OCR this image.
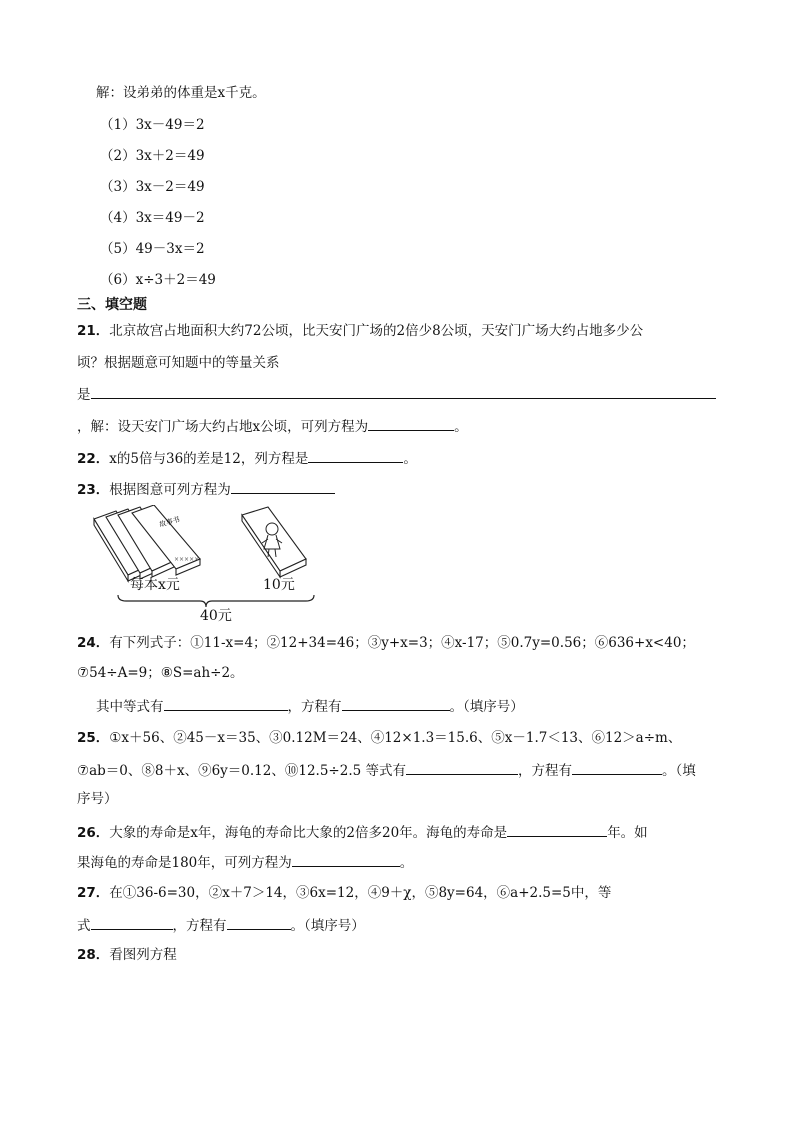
解：设弟弟的体重是x千克。
（1）3x－49＝2
（2）3x＋2＝49
（3）3x－2＝49
（4）3x＝49－2
（5）49－3x＝2
（6）x÷3＋2＝49
三、填空题
21．北京故宫占地面积大约72公顷，比天安门广场的2倍少8公顷，天安门广场大约占地多少公
顷？根据题意可知题中的等量关系
是
，解：设天安门广场大约占地x公顷，可列方程为	。
22．x的5倍与36的差是12，列方程是	。
23．根据图意可列方程为
故事书
×××××
每本x元	10元
40元
24．有下列式子：①11-x=4；②12+34=46；③y+x=3；④x-17；⑤0.7y=0.56；⑥636+x<40；
⑦54÷A=9；⑧S=ah÷2。
其中等式有	，方程有	。（填序号）
25．①x＋56、②45－x＝35、③0.12M＝24、④12×1.3＝15.6、⑤x－1.7＜13、⑥12＞a÷m、
⑦ab＝0、⑧8＋x、⑨6y＝0.12、⑩12.5÷2.5 等式有	，方程有	。（填
序号）
26．大象的寿命是x年，海龟的寿命比大象的2倍多20年。海龟的寿命是	年。如
果海龟的寿命是180年，可列方程为	。
27．在①36-6=30，②x＋7＞14，③6x=12，④9＋χ，⑤8y=64，⑥a+2.5=5中，等
式	，方程有	。（填序号）
28．看图列方程
